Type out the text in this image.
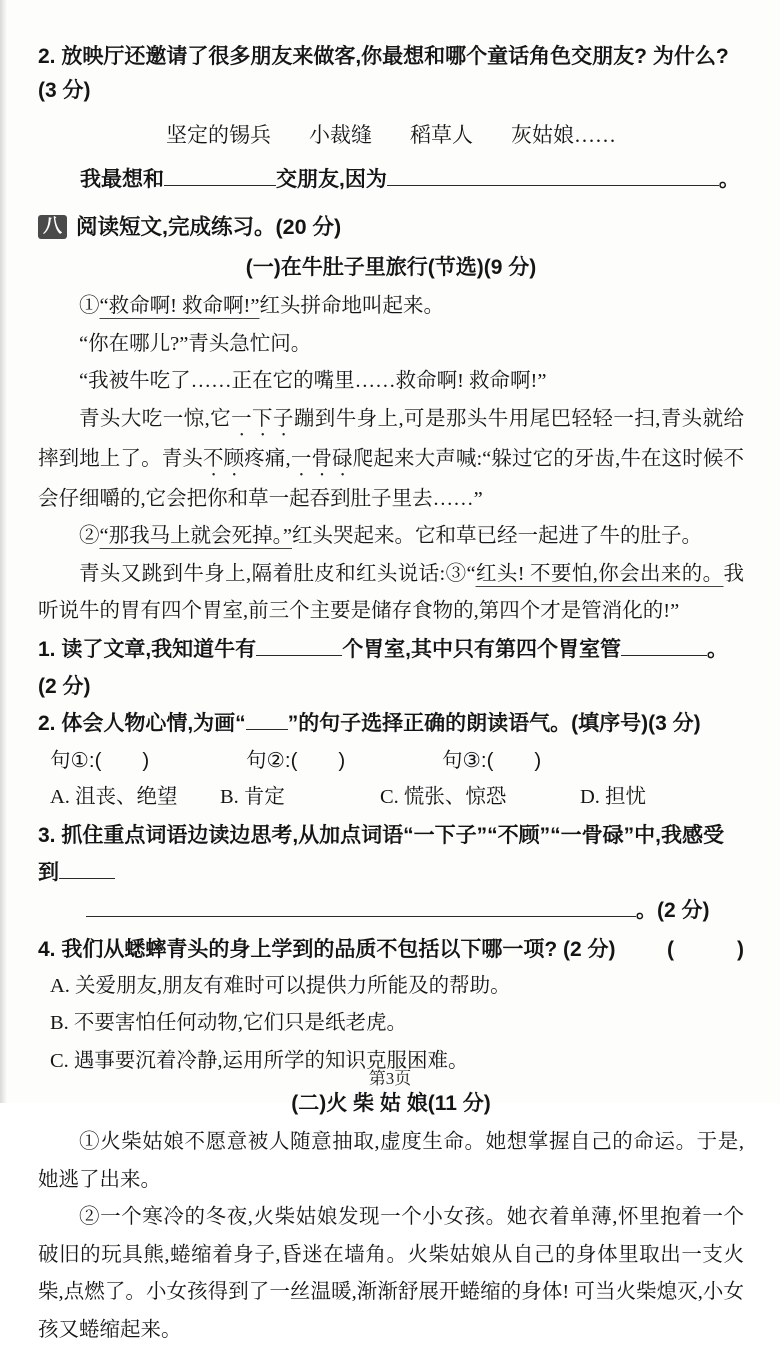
2. 放映厅还邀请了很多朋友来做客,你最想和哪个童话角色交朋友? 为什么? (3 分)
坚定的锡兵 小裁缝 稻草人 灰姑娘……
我最想和	交朋友,因为	。
八 阅读短文,完成练习。(20 分)
(一)在牛肚子里旅行(节选)(9 分)

①“救命啊! 救命啊!”红头拼命地叫起来。

“你在哪儿?”青头急忙问。

“我被牛吃了……正在它的嘴里……救命啊! 救命啊!”

青头大吃一惊,它一下子蹦到牛身上,可是那头牛用尾巴轻轻一扫,青头就给摔到地上了。青头不顾疼痛,一骨碌爬起来大声喊:“躲过它的牙齿,牛在这时候不会仔细嚼的,它会把你和草一起吞到肚子里去……”

②“那我马上就会死掉。”红头哭起来。它和草已经一起进了牛的肚子。

青头又跳到牛身上,隔着肚皮和红头说话:③“红头! 不要怕,你会出来的。我听说牛的胃有四个胃室,前三个主要是储存食物的,第四个才是管消化的!”

1. 读了文章,我知道牛有	个胃室,其中只有第四个胃室管	。(2 分)
2. 体会人物心情,为画“ ”的句子选择正确的朗读语气。(填序号)(3 分)
句①:(　　)	句②:(　　)	句③:(　　)
A. 沮丧、绝望	B. 肯定	C. 慌张、惊恐	D. 担忧
3. 抓住重点词语边读边思考,从加点词语“一下子”“不顾”“一骨碌”中,我感受到
。(2 分)
4. 我们从蟋蟀青头的身上学到的品质不包括以下哪一项? (2 分) (　　　)
A. 关爱朋友,朋友有难时可以提供力所能及的帮助。
B. 不要害怕任何动物,它们只是纸老虎。
C. 遇事要沉着冷静,运用所学的知识克服困难。
(二)火 柴 姑 娘(11 分)

①火柴姑娘不愿意被人随意抽取,虚度生命。她想掌握自己的命运。于是,她逃了出来。

②一个寒冷的冬夜,火柴姑娘发现一个小女孩。她衣着单薄,怀里抱着一个破旧的玩具熊,蜷缩着身子,昏迷在墙角。火柴姑娘从自己的身体里取出一支火柴,点燃了。小女孩得到了一丝温暖,渐渐舒展开蜷缩的身体! 可当火柴熄灭,小女孩又蜷缩起来。

第3页
